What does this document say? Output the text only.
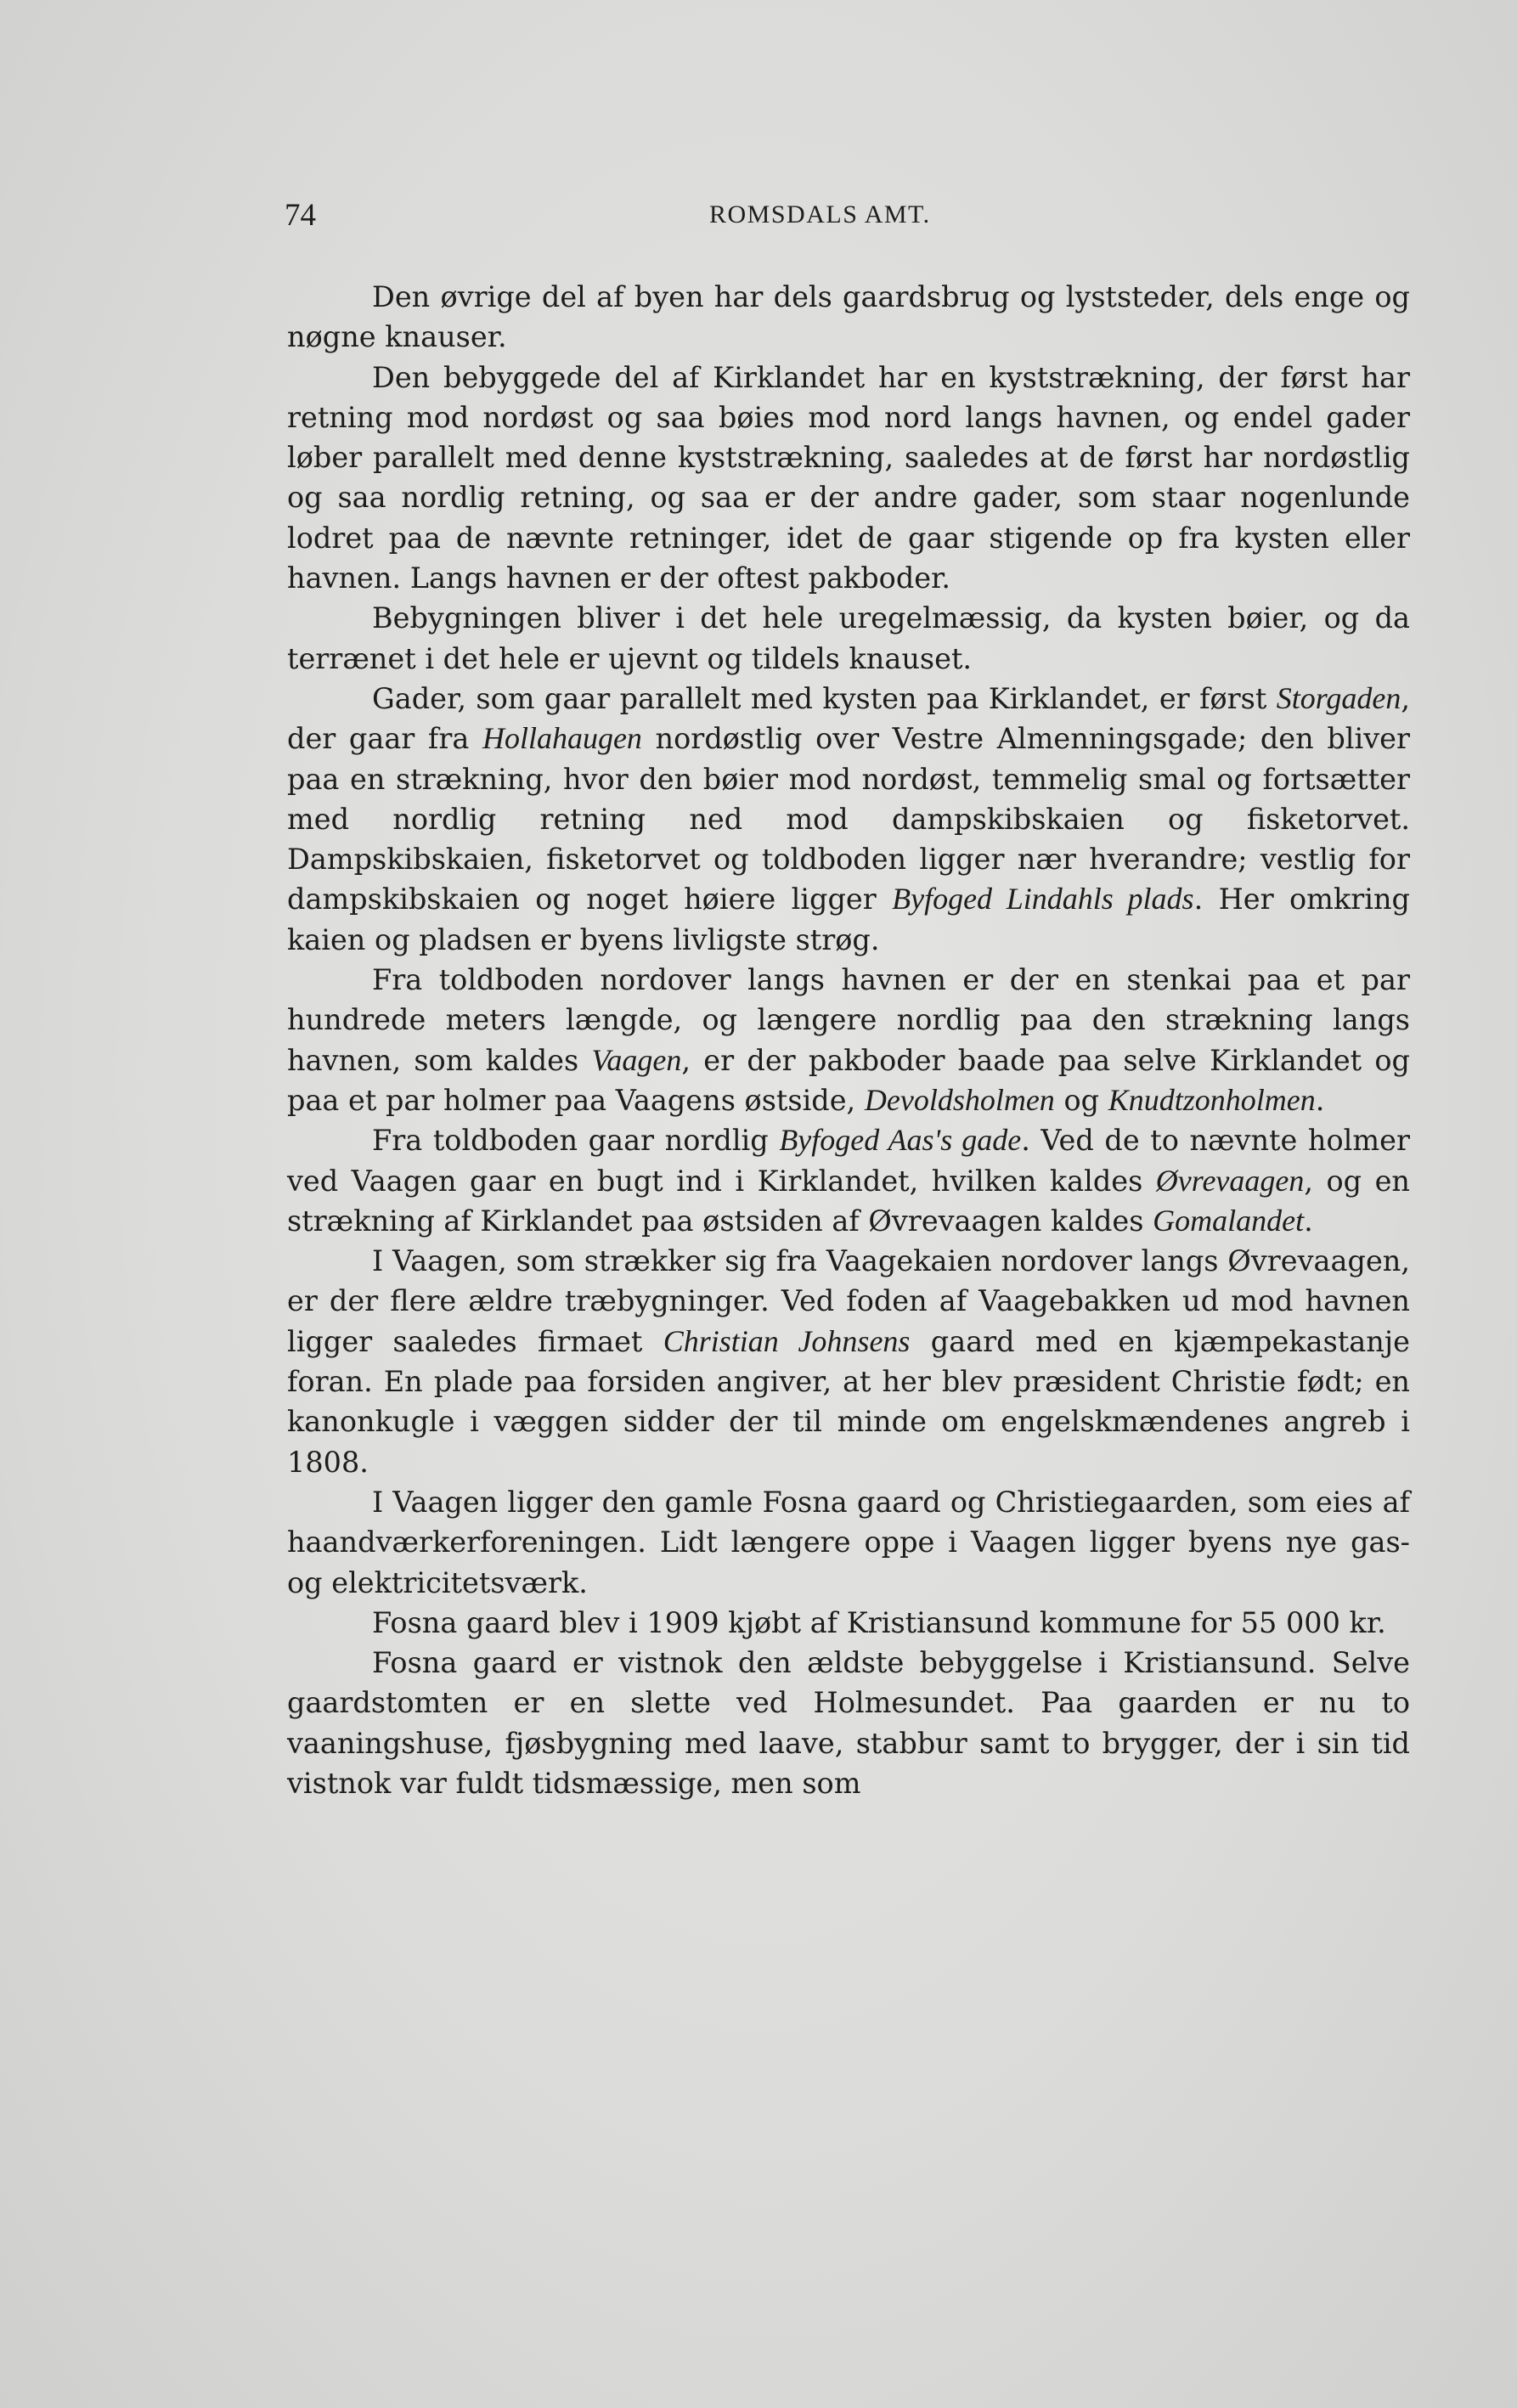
74	ROMSDALS AMT.

Den øvrige del af byen har dels gaardsbrug og lyststeder, dels enge og nøgne knauser.

Den bebyggede del af Kirklandet har en kyststrækning, der først har retning mod nordøst og saa bøies mod nord langs havnen, og endel gader løber parallelt med denne kyststrækning, saaledes at de først har nordøstlig og saa nordlig retning, og saa er der andre gader, som staar nogenlunde lodret paa de nævnte retninger, idet de gaar stigende op fra kysten eller havnen. Langs havnen er der oftest pakboder.

Bebygningen bliver i det hele uregelmæssig, da kysten bøier, og da terrænet i det hele er ujevnt og tildels knauset.

Gader, som gaar parallelt med kysten paa Kirklandet, er først Storgaden, der gaar fra Hollahaugen nordøstlig over Vestre Almenningsgade; den bliver paa en strækning, hvor den bøier mod nordøst, temmelig smal og fortsætter med nordlig retning ned mod dampskibskaien og fisketorvet. Dampskibskaien, fisketorvet og toldboden ligger nær hverandre; vestlig for dampskibskaien og noget høiere ligger Byfoged Lindahls plads. Her omkring kaien og pladsen er byens livligste strøg.

Fra toldboden nordover langs havnen er der en stenkai paa et par hundrede meters længde, og længere nordlig paa den strækning langs havnen, som kaldes Vaagen, er der pakboder baade paa selve Kirklandet og paa et par holmer paa Vaagens østside, Devoldsholmen og Knudtzonholmen.

Fra toldboden gaar nordlig Byfoged Aas's gade. Ved de to nævnte holmer ved Vaagen gaar en bugt ind i Kirklandet, hvilken kaldes Øvrevaagen, og en strækning af Kirklandet paa østsiden af Øvrevaagen kaldes Gomalandet.

I Vaagen, som strækker sig fra Vaagekaien nordover langs Øvrevaagen, er der flere ældre træbygninger. Ved foden af Vaagebakken ud mod havnen ligger saaledes firmaet Christian Johnsens gaard med en kjæmpekastanje foran. En plade paa forsiden angiver, at her blev præsident Christie født; en kanonkugle i væggen sidder der til minde om engelskmændenes angreb i 1808.

I Vaagen ligger den gamle Fosna gaard og Christiegaarden, som eies af haandværkerforeningen. Lidt længere oppe i Vaagen ligger byens nye gas- og elektricitetsværk.

Fosna gaard blev i 1909 kjøbt af Kristiansund kommune for 55 000 kr.

Fosna gaard er vistnok den ældste bebyggelse i Kristiansund. Selve gaardstomten er en slette ved Holmesundet. Paa gaarden er nu to vaaningshuse, fjøsbygning med laave, stabbur samt to brygger, der i sin tid vistnok var fuldt tidsmæssige, men som
